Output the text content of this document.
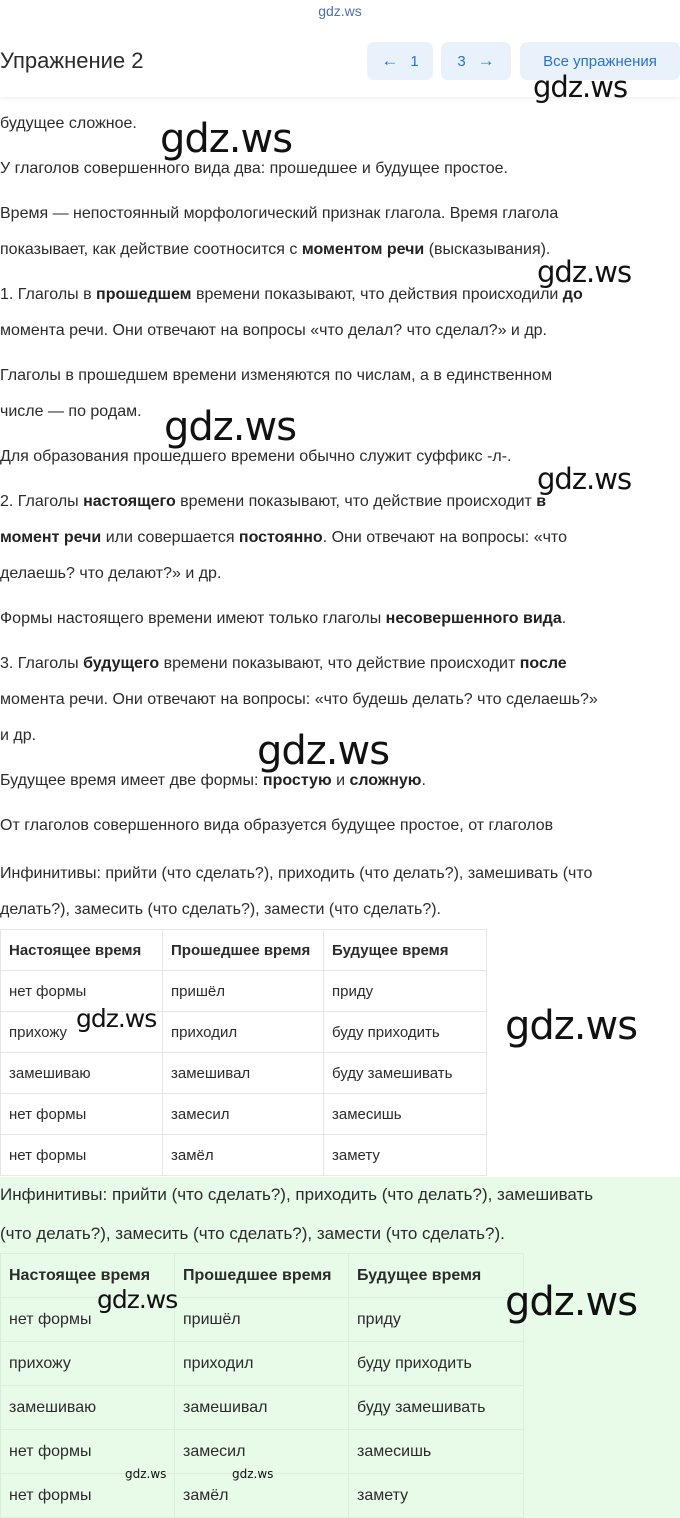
gdz.ws
Упражнение 2	← 1	3 →	Все упражнения
gdz.ws
gdz.ws
gdz.ws
gdz.ws
gdz.ws
gdz.ws
gdz.ws	gdz.ws
gdz.ws	gdz.ws
gdz.ws	gdz.ws
будущее сложное.
У глаголов совершенного вида два: прошедшее и будущее простое.
Время — непостоянный морфологический признак глагола. Время глагола
показывает, как действие соотносится с моментом речи (высказывания).
1. Глаголы в прошедшем времени показывают, что действия происходили до
момента речи. Они отвечают на вопросы «что делал? что сделал?» и др.
Глаголы в прошедшем времени изменяются по числам, а в единственном
числе — по родам.
Для образования прошедшего времени обычно служит суффикс -л-.
2. Глаголы настоящего времени показывают, что действие происходит в
момент речи или совершается постоянно. Они отвечают на вопросы: «что
делаешь? что делают?» и др.
Формы настоящего времени имеют только глаголы несовершенного вида.
3. Глаголы будущего времени показывают, что действие происходит после
момента речи. Они отвечают на вопросы: «что будешь делать? что сделаешь?»
и др.
Будущее время имеет две формы: простую и сложную.
От глаголов совершенного вида образуется будущее простое, от глаголов
Инфинитивы: прийти (что сделать?), приходить (что делать?), замешивать (что
делать?), замесить (что сделать?), замести (что сделать?).
Настоящее время	Прошедшее время	Будущее время
нет формы	пришёл	приду
прихожу	приходил	буду приходить
замешиваю	замешивал	буду замешивать
нет формы	замесил	замесишь
нет формы	замёл	замету
Инфинитивы: прийти (что сделать?), приходить (что делать?), замешивать
(что делать?), замесить (что сделать?), замести (что сделать?).
Настоящее время	Прошедшее время	Будущее время
нет формы	пришёл	приду
прихожу	приходил	буду приходить
замешиваю	замешивал	буду замешивать
нет формы	замесил	замесишь
нет формы	замёл	замету
